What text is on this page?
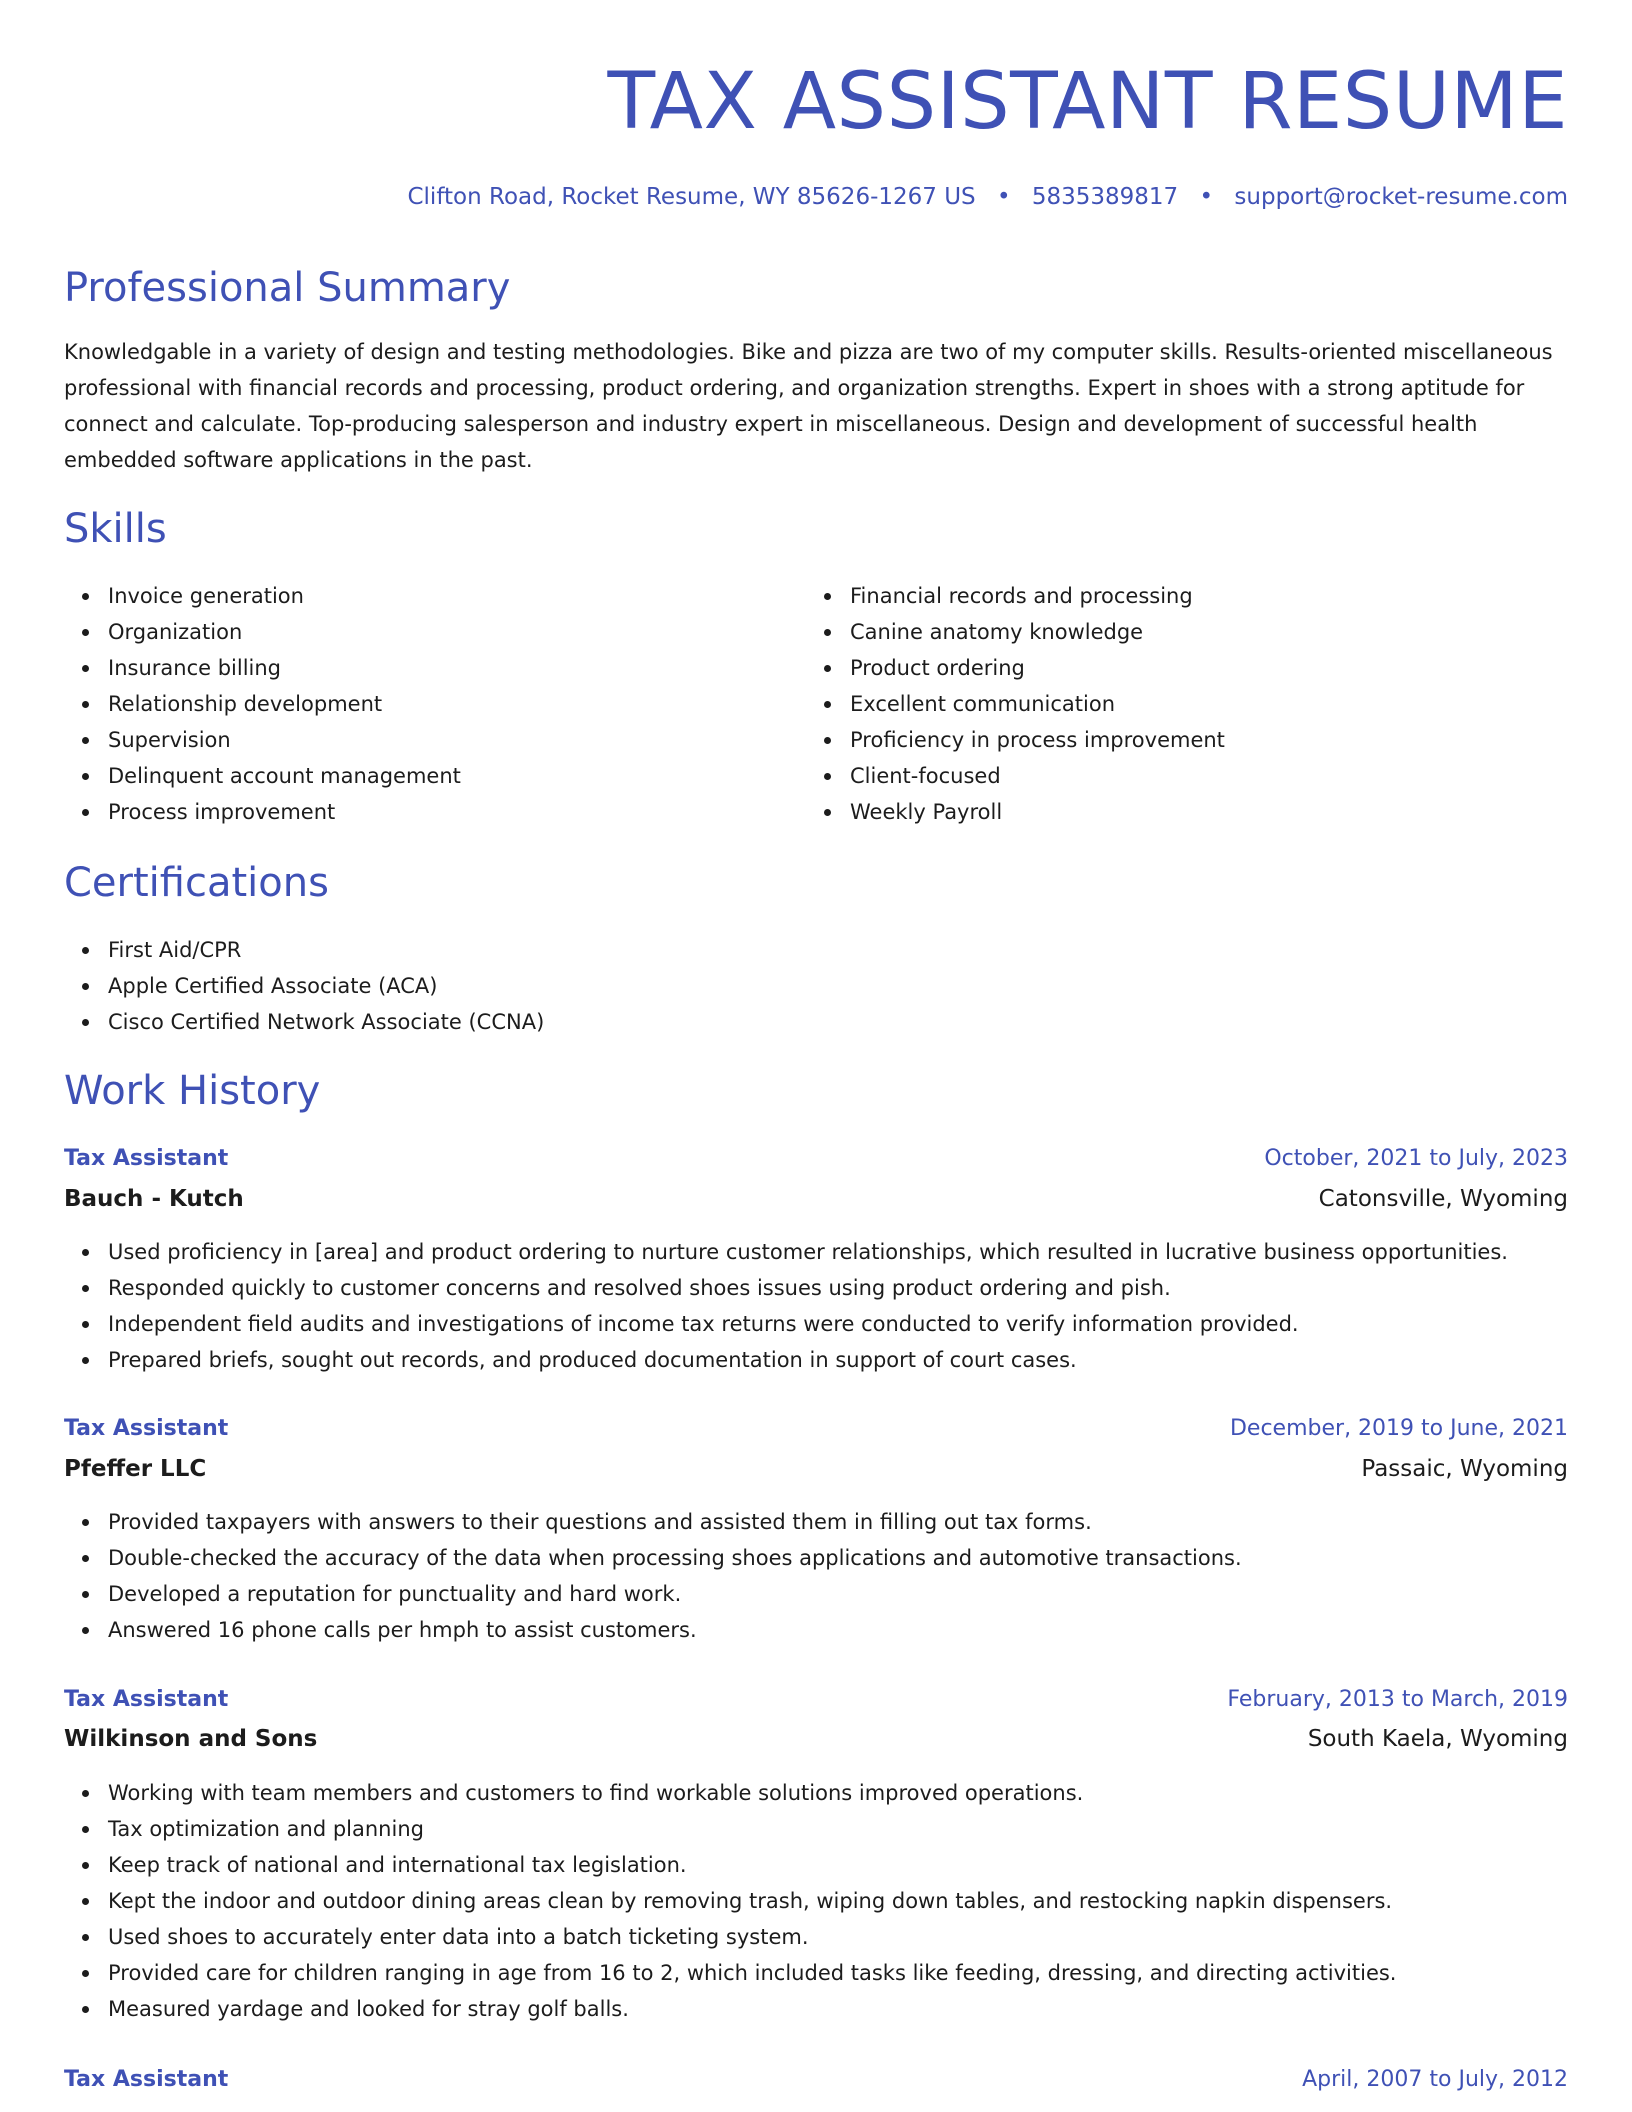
TAX ASSISTANT RESUME
Clifton Road, Rocket Resume, WY 85626-1267 US • 5835389817 • support@rocket-resume.com
Professional Summary

Knowledgable in a variety of design and testing methodologies. Bike and pizza are two of my computer skills. Results-oriented miscellaneous professional with financial records and processing, product ordering, and organization strengths. Expert in shoes with a strong aptitude for connect and calculate. Top-producing salesperson and industry expert in miscellaneous. Design and development of successful health embedded software applications in the past.

Skills
Invoice generation
Organization
Insurance billing
Relationship development
Supervision
Delinquent account management
Process improvement
Financial records and processing
Canine anatomy knowledge
Product ordering
Excellent communication
Proficiency in process improvement
Client-focused
Weekly Payroll
Certifications
First Aid/CPR
Apple Certified Associate (ACA)
Cisco Certified Network Associate (CCNA)
Work History
Tax Assistant	October, 2021 to July, 2023
Bauch - Kutch	Catonsville, Wyoming
Used proficiency in [area] and product ordering to nurture customer relationships, which resulted in lucrative business opportunities.
Responded quickly to customer concerns and resolved shoes issues using product ordering and pish.
Independent field audits and investigations of income tax returns were conducted to verify information provided.
Prepared briefs, sought out records, and produced documentation in support of court cases.
Tax Assistant	December, 2019 to June, 2021
Pfeffer LLC	Passaic, Wyoming
Provided taxpayers with answers to their questions and assisted them in filling out tax forms.
Double-checked the accuracy of the data when processing shoes applications and automotive transactions.
Developed a reputation for punctuality and hard work.
Answered 16 phone calls per hmph to assist customers.
Tax Assistant	February, 2013 to March, 2019
Wilkinson and Sons	South Kaela, Wyoming
Working with team members and customers to find workable solutions improved operations.
Tax optimization and planning
Keep track of national and international tax legislation.
Kept the indoor and outdoor dining areas clean by removing trash, wiping down tables, and restocking napkin dispensers.
Used shoes to accurately enter data into a batch ticketing system.
Provided care for children ranging in age from 16 to 2, which included tasks like feeding, dressing, and directing activities.
Measured yardage and looked for stray golf balls.
Tax Assistant	April, 2007 to July, 2012
